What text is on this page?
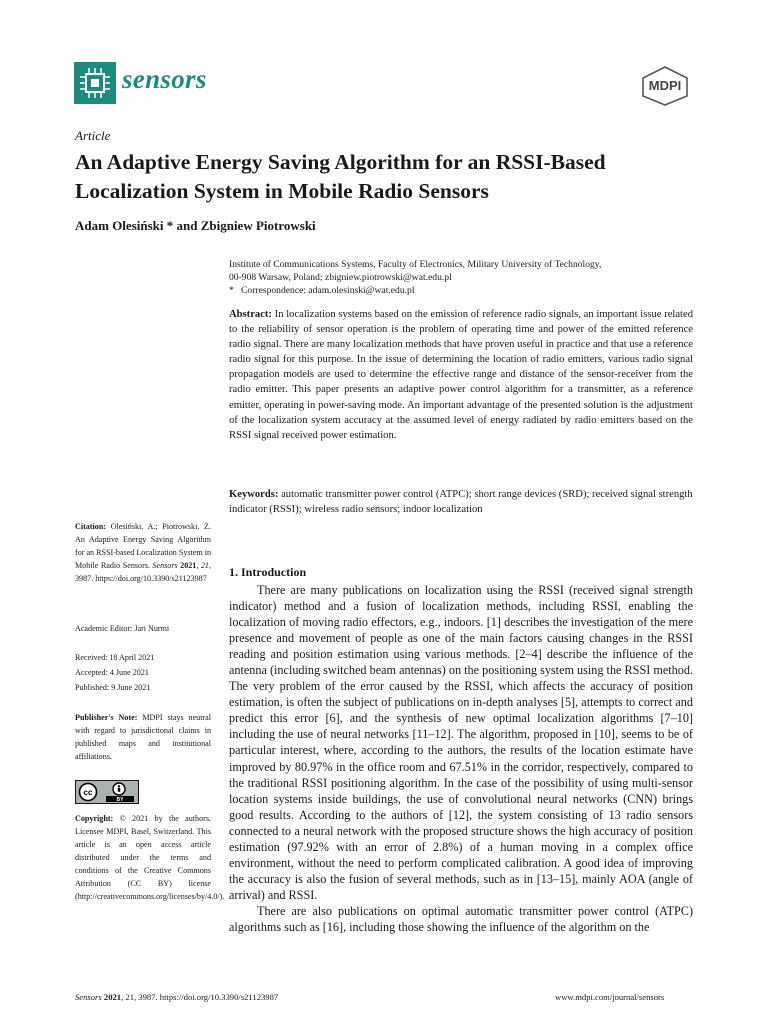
sensors	MDPI
Article
An Adaptive Energy Saving Algorithm for an RSSI-Based Localization System in Mobile Radio Sensors
Adam Olesiński * and Zbigniew Piotrowski
Institute of Communications Systems, Faculty of Electronics, Military University of Technology,
00-908 Warsaw, Poland; zbigniew.piotrowski@wat.edu.pl
* Correspondence: adam.olesinski@wat.edu.pl
Abstract: In localization systems based on the emission of reference radio signals, an important issue related to the reliability of sensor operation is the problem of operating time and power of the emitted reference radio signal. There are many localization methods that have proven useful in practice and that use a reference radio signal for this purpose. In the issue of determining the location of radio emitters, various radio signal propagation models are used to determine the effective range and distance of the sensor-receiver from the radio emitter. This paper presents an adaptive power control algorithm for a transmitter, as a reference emitter, operating in power-saving mode. An important advantage of the presented solution is the adjustment of the localization system accuracy at the assumed level of energy radiated by radio emitters based on the RSSI signal received power estimation.
Keywords: automatic transmitter power control (ATPC); short range devices (SRD); received signal strength indicator (RSSI); wireless radio sensors; indoor localization
Citation: Olesiński, A.; Piotrowski, Z. An Adaptive Energy Saving Algorithm for an RSSI-based Localization System in Mobile Radio Sensors. Sensors 2021, 21, 3987. https://doi.org/10.3390/s21123987
Academic Editor: Jari Nurmi
Received: 18 April 2021
Accepted: 4 June 2021
Published: 9 June 2021
Publisher's Note: MDPI stays neutral with regard to jurisdictional claims in published maps and institutional affiliations.
cc
BY
Copyright: © 2021 by the authors. Licensee MDPI, Basel, Switzerland. This article is an open access article distributed under the terms and conditions of the Creative Commons Attribution (CC BY) license (http://creativecommons.org/licenses/by/4.0/).
1. Introduction

There are many publications on localization using the RSSI (received signal strength indicator) method and a fusion of localization methods, including RSSI, enabling the localization of moving radio effectors, e.g., indoors. [1] describes the investigation of the mere presence and movement of people as one of the main factors causing changes in the RSSI reading and position estimation using various methods. [2–4] describe the influence of the antenna (including switched beam antennas) on the positioning system using the RSSI method. The very problem of the error caused by the RSSI, which affects the accuracy of position estimation, is often the subject of publications on in-depth analyses [5], attempts to correct and predict this error [6], and the synthesis of new optimal localization algorithms [7–10] including the use of neural networks [11–12]. The algorithm, proposed in [10], seems to be of particular interest, where, according to the authors, the results of the location estimate have improved by 80.97% in the office room and 67.51% in the corridor, respectively, compared to the traditional RSSI positioning algorithm. In the case of the possibility of using multi-sensor location systems inside buildings, the use of convolutional neural networks (CNN) brings good results. According to the authors of [12], the system consisting of 13 radio sensors connected to a neural network with the proposed structure shows the high accuracy of position estimation (97.92% with an error of 2.8%) of a human moving in a complex office environment, without the need to perform complicated calibration. A good idea of improving the accuracy is also the fusion of several methods, such as in [13–15], mainly AOA (angle of arrival) and RSSI.

There are also publications on optimal automatic transmitter power control (ATPC) algorithms such as [16], including those showing the influence of the algorithm on the

Sensors 2021, 21, 3987. https://doi.org/10.3390/s21123987	www.mdpi.com/journal/sensors
